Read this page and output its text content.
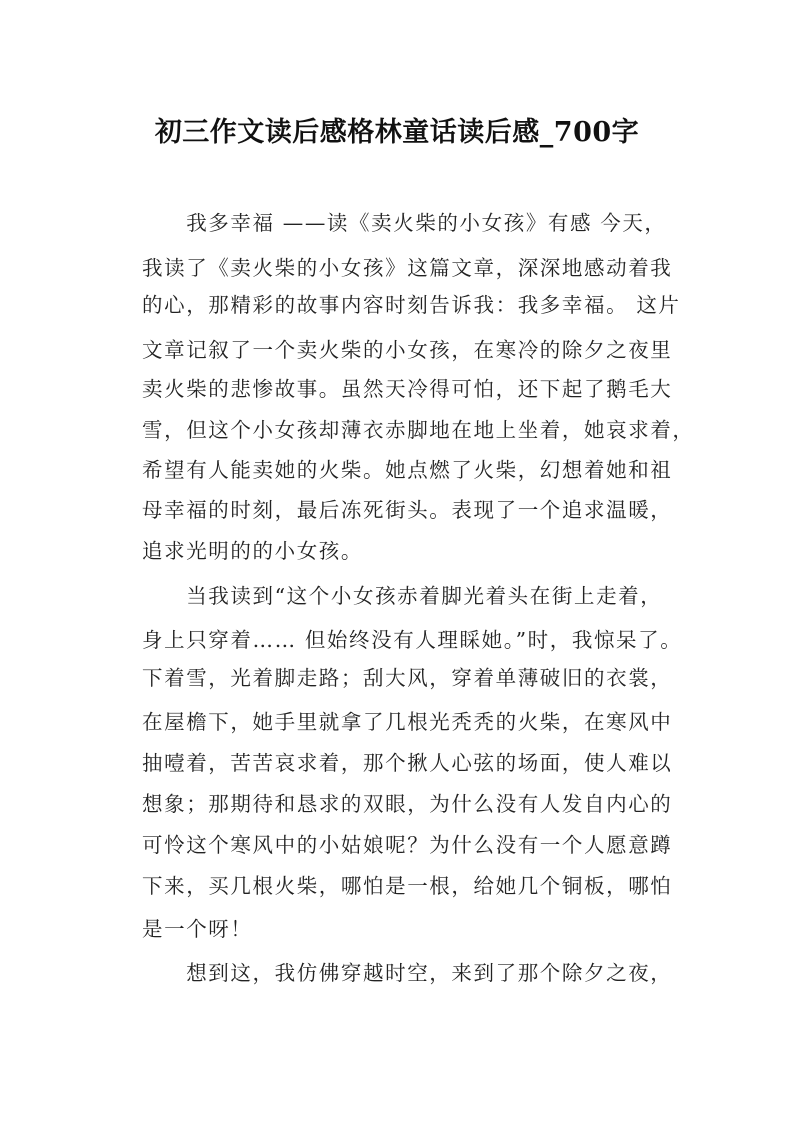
初三作文读后感格林童话读后感_700字
　　我多幸福 ——读《卖火柴的小女孩》有感 今天，
我读了《卖火柴的小女孩》这篇文章，深深地感动着我
的心，那精彩的故事内容时刻告诉我：我多幸福。 这片
文章记叙了一个卖火柴的小女孩，在寒冷的除夕之夜里
卖火柴的悲惨故事。虽然天冷得可怕，还下起了鹅毛大
雪，但这个小女孩却薄衣赤脚地在地上坐着，她哀求着，
希望有人能卖她的火柴。她点燃了火柴，幻想着她和祖
母幸福的时刻，最后冻死街头。表现了一个追求温暖，
追求光明的的小女孩。
　　当我读到“这个小女孩赤着脚光着头在街上走着，
身上只穿着…… 但始终没有人理睬她。”时，我惊呆了。
下着雪，光着脚走路；刮大风，穿着单薄破旧的衣裳，
在屋檐下，她手里就拿了几根光秃秃的火柴，在寒风中
抽噎着，苦苦哀求着，那个揪人心弦的场面，使人难以
想象；那期待和恳求的双眼，为什么没有人发自内心的
可怜这个寒风中的小姑娘呢？为什么没有一个人愿意蹲
下来，买几根火柴，哪怕是一根，给她几个铜板，哪怕
是一个呀！
　　想到这，我仿佛穿越时空，来到了那个除夕之夜，
